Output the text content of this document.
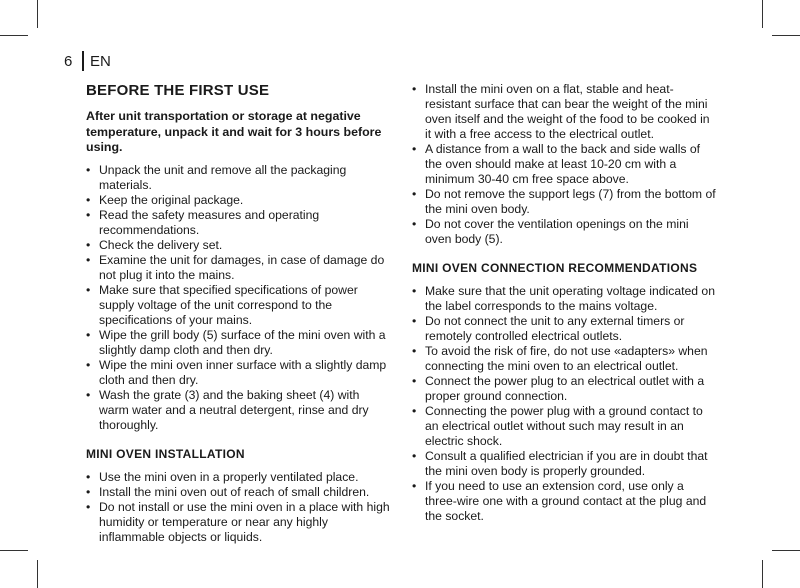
6	EN
BEFORE THE FIRST USE
After unit transportation or storage at negative temperature, unpack it and wait for 3 hours before using.
• Unpack the unit and remove all the packaging materials.
• Keep the original package.
• Read the safety measures and operating recommendations.
• Check the delivery set.
• Examine the unit for damages, in case of damage do not plug it into the mains.
• Make sure that specified specifications of power supply voltage of the unit correspond to the specifications of your mains.
• Wipe the grill body (5) surface of the mini oven with a slightly damp cloth and then dry.
• Wipe the mini oven inner surface with a slightly damp cloth and then dry.
• Wash the grate (3) and the baking sheet (4) with warm water and a neutral detergent, rinse and dry thoroughly.
MINI OVEN INSTALLATION
• Use the mini oven in a properly ventilated place.
• Install the mini oven out of reach of small children.
• Do not install or use the mini oven in a place with high humidity or temperature or near any highly inflammable objects or liquids.
• Install the mini oven on a flat, stable and heat-resistant surface that can bear the weight of the mini oven itself and the weight of the food to be cooked in it with a free access to the electrical outlet.
• A distance from a wall to the back and side walls of the oven should make at least 10-20 cm with a minimum 30-40 cm free space above.
• Do not remove the support legs (7) from the bottom of the mini oven body.
• Do not cover the ventilation openings on the mini oven body (5).
MINI OVEN CONNECTION RECOMMENDATIONS
• Make sure that the unit operating voltage indicated on the label corresponds to the mains voltage.
• Do not connect the unit to any external timers or remotely controlled electrical outlets.
• To avoid the risk of fire, do not use «adapters» when connecting the mini oven to an electrical outlet.
• Connect the power plug to an electrical outlet with a proper ground connection.
• Connecting the power plug with a ground contact to an electrical outlet without such may result in an electric shock.
• Consult a qualified electrician if you are in doubt that the mini oven body is properly grounded.
• If you need to use an extension cord, use only a three-wire one with a ground contact at the plug and the socket.
